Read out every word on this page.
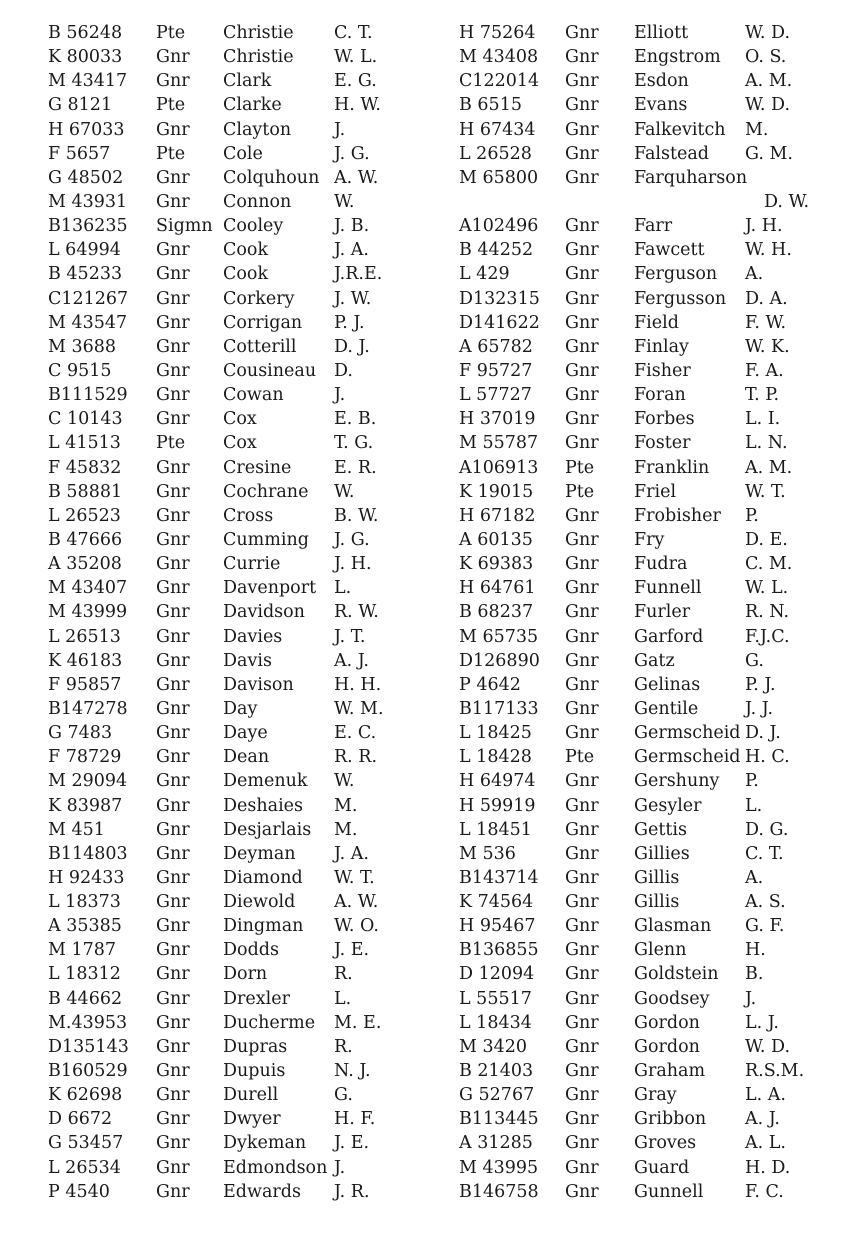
B 56248 Pte Christie C. T.
K 80033 Gnr Christie W. L.
M 43417 Gnr Clark	E. G.
G 8121	Pte Clarke	H. W.
H 67033 Gnr Clayton J.
F 5657	Pte Cole	J. G.
G 48502 Gnr Colquhoun A. W.
M 43931 Gnr Connon W.
B136235 Sigmn Cooley	J. B.
L 64994 Gnr Cook	J. A.
B 45233 Gnr Cook	J.R.E.
C121267 Gnr Corkery J. W.
M 43547 Gnr Corrigan P. J.
M 3688 Gnr Cotterill D. J.
C 9515	Gnr Cousineau D.
B111529 Gnr Cowan	J.
C 10143 Gnr Cox	E. B.
L 41513 Pte Cox	T. G.
F 45832 Gnr Cresine E. R.
B 58881 Gnr Cochrane W.
L 26523 Gnr Cross	B. W.
B 47666 Gnr Cumming J. G.
A 35208 Gnr Currie	J. H.
M 43407 Gnr Davenport L.
M 43999 Gnr Davidson R. W.
L 26513 Gnr Davies	J. T.
K 46183 Gnr Davis	A. J.
F 95857 Gnr Davison H. H.
B147278 Gnr Day	W. M.
G 7483	Gnr Daye	E. C.
F 78729 Gnr Dean	R. R.
M 29094 Gnr Demenuk W.
K 83987 Gnr Deshaies M.
M 451	Gnr Desjarlais M.
B114803 Gnr Deyman J. A.
H 92433 Gnr Diamond W. T.
L 18373 Gnr Diewold A. W.
A 35385 Gnr Dingman W. O.
M 1787 Gnr Dodds	J. E.
L 18312 Gnr Dorn	R.
B 44662 Gnr Drexler	L.
M.43953 Gnr Ducherme M. E.
D135143 Gnr Dupras	R.
B160529 Gnr Dupuis	N. J.
K 62698 Gnr Durell	G.
D 6672	Gnr Dwyer	H. F.
G 53457 Gnr Dykeman J. E.
L 26534 Gnr Edmondson J.
P 4540	Gnr Edwards J. R.
H 75264 Gnr Elliott	W. D.
M 43408 Gnr Engstrom O. S.
C122014 Gnr Esdon	A. M.
B 6515 Gnr Evans	W. D.
H 67434 Gnr Falkevitch M.
L 26528 Gnr Falstead G. M.
M 65800 Gnr Farquharson
D. W.
A102496 Gnr Farr	J. H.
B 44252 Gnr Fawcett W. H.
L 429	Gnr Ferguson A.
D132315 Gnr Fergusson D. A.
D141622 Gnr Field	F. W.
A 65782 Gnr Finlay	W. K.
F 95727 Gnr Fisher	F. A.
L 57727 Gnr Foran	T. P.
H 37019 Gnr Forbes	L. I.
M 55787 Gnr Foster	L. N.
A106913 Pte Franklin A. M.
K 19015 Pte Friel	W. T.
H 67182 Gnr Frobisher P.
A 60135 Gnr Fry	D. E.
K 69383 Gnr Fudra	C. M.
H 64761 Gnr Funnell W. L.
B 68237 Gnr Furler	R. N.
M 65735 Gnr Garford F.J.C.
D126890 Gnr Gatz	G.
P 4642	Gnr Gelinas	P. J.
B117133 Gnr Gentile	J. J.
L 18425 Gnr Germscheid D. J.
L 18428 Pte Germscheid H. C.
H 64974 Gnr Gershuny P.
H 59919 Gnr Gesyler L.
L 18451 Gnr Gettis	D. G.
M 536	Gnr Gillies	C. T.
B143714 Gnr Gillis	A.
K 74564 Gnr Gillis	A. S.
H 95467 Gnr Glasman G. F.
B136855 Gnr Glenn	H.
D 12094 Gnr Goldstein B.
L 55517 Gnr Goodsey J.
L 18434 Gnr Gordon	L. J.
M 3420 Gnr Gordon	W. D.
B 21403 Gnr Graham R.S.M.
G 52767 Gnr Gray	L. A.
B113445 Gnr Gribbon A. J.
A 31285 Gnr Groves	A. L.
M 43995 Gnr Guard	H. D.
B146758 Gnr Gunnell F. C.
